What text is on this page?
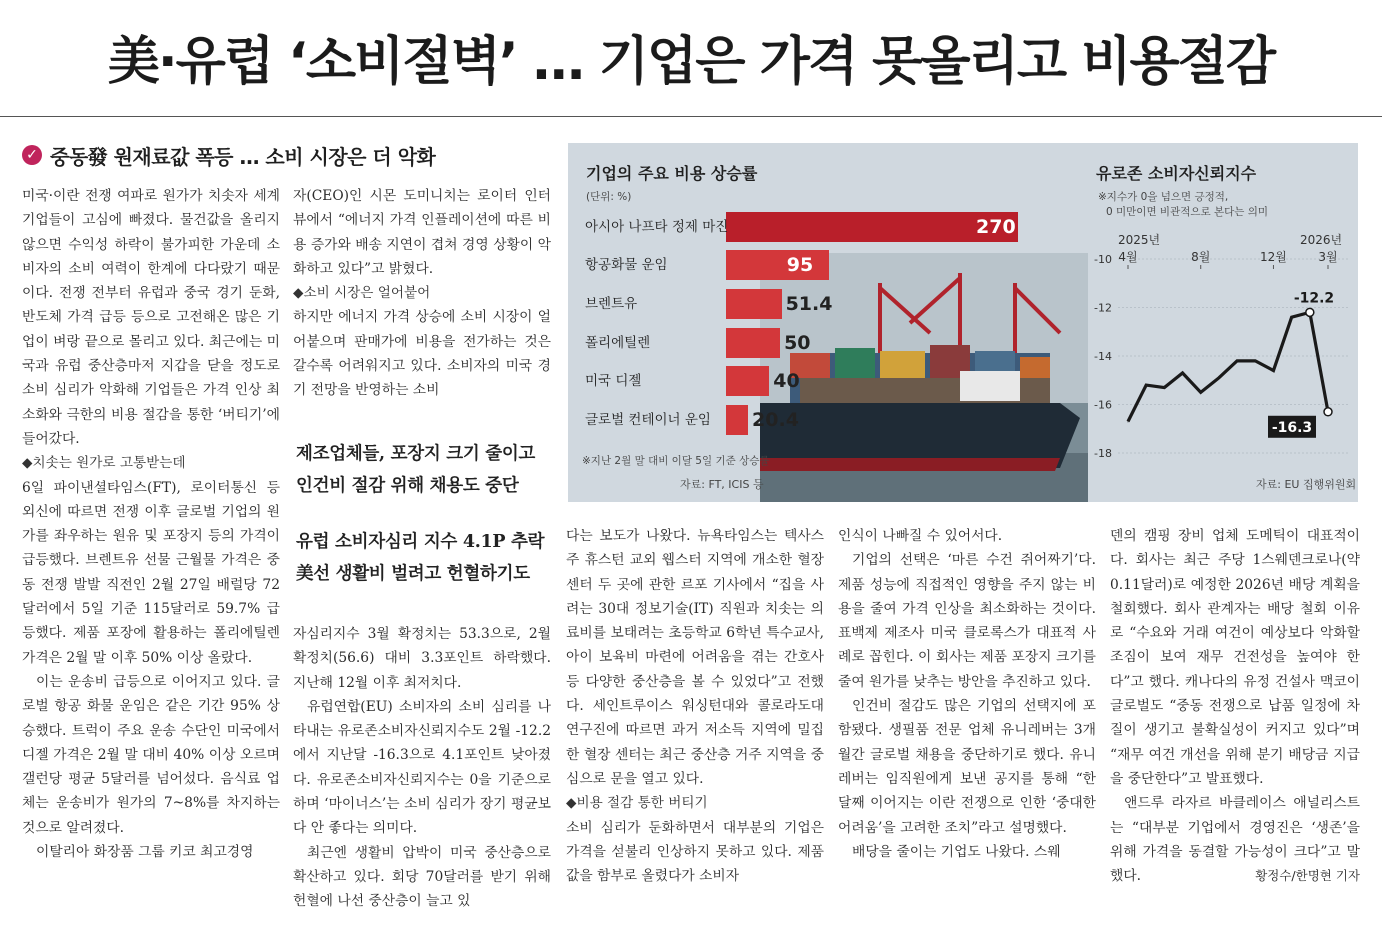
美·유럽 ‘소비절벽’ … 기업은 가격 못올리고 비용절감
✓ 중동發 원재료값 폭등 … 소비 시장은 더 악화

미국·이란 전쟁 여파로 원가가 치솟자 세계 기업들이 고심에 빠졌다. 물건값을 올리지 않으면 수익성 하락이 불가피한 가운데 소비자의 소비 여력이 한계에 다다랐기 때문이다. 전쟁 전부터 유럽과 중국 경기 둔화, 반도체 가격 급등 등으로 고전해온 많은 기업이 벼랑 끝으로 몰리고 있다. 최근에는 미국과 유럽 중산층마저 지갑을 닫을 정도로 소비 심리가 악화해 기업들은 가격 인상 최소화와 극한의 비용 절감을 통한 ‘버티기’에 들어갔다.

◆치솟는 원가로 고통받는데

6일 파이낸셜타임스(FT), 로이터통신 등 외신에 따르면 전쟁 이후 글로벌 기업의 원가를 좌우하는 원유 및 포장지 등의 가격이 급등했다. 브렌트유 선물 근월물 가격은 중동 전쟁 발발 직전인 2월 27일 배럴당 72달러에서 5일 기준 115달러로 59.7% 급등했다. 제품 포장에 활용하는 폴리에틸렌 가격은 2월 말 이후 50% 이상 올랐다.

이는 운송비 급등으로 이어지고 있다. 글로벌 항공 화물 운임은 같은 기간 95% 상승했다. 트럭이 주요 운송 수단인 미국에서 디젤 가격은 2월 말 대비 40% 이상 오르며 갤런당 평균 5달러를 넘어섰다. 음식료 업체는 운송비가 원가의 7~8%를 차지하는 것으로 알려졌다.

이탈리아 화장품 그룹 키코 최고경영

자(CEO)인 시몬 도미니치는 로이터 인터뷰에서 “에너지 가격 인플레이션에 따른 비용 증가와 배송 지연이 겹쳐 경영 상황이 악화하고 있다”고 밝혔다.

◆소비 시장은 얼어붙어

하지만 에너지 가격 상승에 소비 시장이 얼어붙으며 판매가에 비용을 전가하는 것은 갈수록 어려워지고 있다. 소비자의 미국 경기 전망을 반영하는 소비

제조업체들, 포장지 크기 줄이고
인건비 절감 위해 채용도 중단
유럽 소비자심리 지수 4.1P 추락
美선 생활비 벌려고 헌혈하기도

자심리지수 3월 확정치는 53.3으로, 2월 확정치(56.6) 대비 3.3포인트 하락했다. 지난해 12월 이후 최저치다.

유럽연합(EU) 소비자의 소비 심리를 나타내는 유로존소비자신뢰지수도 2월 -12.2에서 지난달 -16.3으로 4.1포인트 낮아졌다. 유로존소비자신뢰지수는 0을 기준으로 하며 ‘마이너스’는 소비 심리가 장기 평균보다 안 좋다는 의미다.

최근엔 생활비 압박이 미국 중산층으로 확산하고 있다. 회당 70달러를 받기 위해 헌혈에 나선 중산층이 늘고 있

다는 보도가 나왔다. 뉴욕타임스는 텍사스주 휴스턴 교외 웹스터 지역에 개소한 혈장센터 두 곳에 관한 르포 기사에서 “집을 사려는 30대 정보기술(IT) 직원과 치솟는 의료비를 보태려는 초등학교 6학년 특수교사, 아이 보육비 마련에 어려움을 겪는 간호사 등 다양한 중산층을 볼 수 있었다”고 전했다. 세인트루이스 워싱턴대와 콜로라도대 연구진에 따르면 과거 저소득 지역에 밀집한 혈장 센터는 최근 중산층 거주 지역을 중심으로 문을 열고 있다.

◆비용 절감 통한 버티기

소비 심리가 둔화하면서 대부분의 기업은 가격을 섣불리 인상하지 못하고 있다. 제품값을 함부로 올렸다가 소비자

인식이 나빠질 수 있어서다.

기업의 선택은 ‘마른 수건 쥐어짜기’다. 제품 성능에 직접적인 영향을 주지 않는 비용을 줄여 가격 인상을 최소화하는 것이다. 표백제 제조사 미국 클로록스가 대표적 사례로 꼽힌다. 이 회사는 제품 포장지 크기를 줄여 원가를 낮추는 방안을 추진하고 있다.

인건비 절감도 많은 기업의 선택지에 포함됐다. 생필품 전문 업체 유니레버는 3개월간 글로벌 채용을 중단하기로 했다. 유니레버는 임직원에게 보낸 공지를 통해 “한 달째 이어지는 이란 전쟁으로 인한 ‘중대한 어려움’을 고려한 조치”라고 설명했다.

배당을 줄이는 기업도 나왔다. 스웨

덴의 캠핑 장비 업체 도메틱이 대표적이다. 회사는 최근 주당 1스웨덴크로나(약 0.11달러)로 예정한 2026년 배당 계획을 철회했다. 회사 관계자는 배당 철회 이유로 “수요와 거래 여건이 예상보다 악화할 조짐이 보여 재무 건전성을 높여야 한다”고 했다. 캐나다의 유정 건설사 맥코이글로벌도 “중동 전쟁으로 납품 일정에 차질이 생기고 불확실성이 커지고 있다”며 “재무 여건 개선을 위해 분기 배당금 지급을 중단한다”고 발표했다.

앤드루 라자르 바클레이스 애널리스트는 “대부분 기업에서 경영진은 ‘생존’을 위해 가격을 동결할 가능성이 크다”고 말했다.	황정수/한명현 기자

기업의 주요 비용 상승률
(단위: %)
아시아 나프타 정제 마진	270
항공화물 운임	95
브렌트유	51.4
폴리에틸렌	50
미국 디젤	40
글로벌 컨테이너 운임 20.4
※지난 2월 말 대비 이달 5일 기준 상승률
자료: FT, ICIS 등
유로존 소비자신뢰지수
※지수가 0을 넘으면 긍정적,
0 미만이면 비관적으로 본다는 의미
2025년	2026년
-10
-12
-14
-16
-18
4월	8월	12월	3월
-12.2
-16.3
자료: EU 집행위원회
